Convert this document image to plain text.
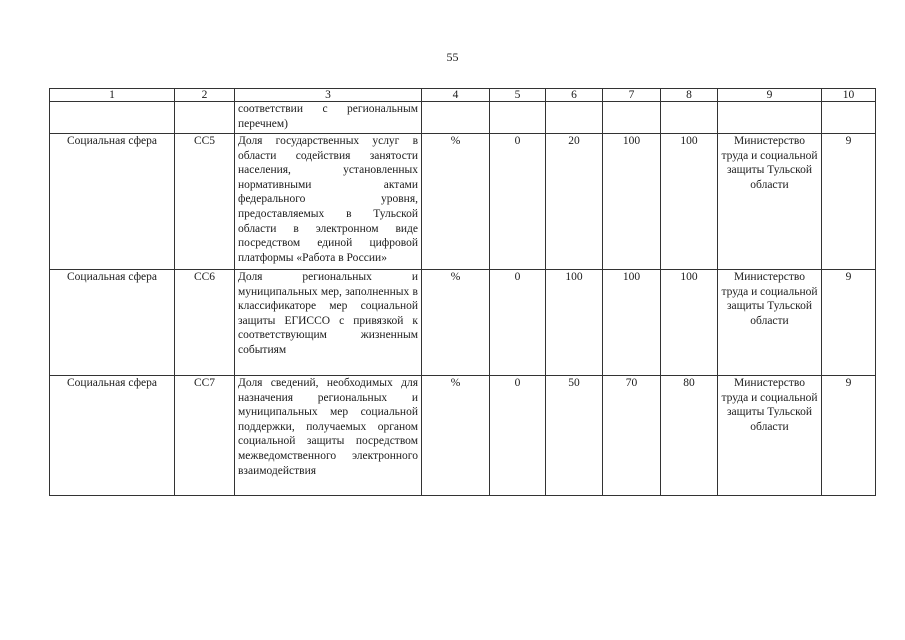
55
1	2	3	4	5	6	7	8	9	10
		соответствии с региональным перечнем)							
Социальная сфера	СС5	Доля государственных услуг в области содействия занятости населения, установленных нормативными актами федерального уровня, предоставляемых в Тульской области в электронном виде посредством единой цифровой платформы «Работа в России»	%	0	20	100	100	Министерство труда и социальной защиты Тульской области	9
Социальная сфера	СС6	Доля региональных и муниципальных мер, заполненных в классификаторе мер социальной защиты ЕГИССО с привязкой к соответствующим жизненным событиям	%	0	100	100	100	Министерство труда и социальной защиты Тульской области	9
Социальная сфера	СС7	Доля сведений, необходимых для назначения региональных и муниципальных мер социальной поддержки, получаемых органом социальной защиты посредством межведомственного электронного взаимодействия	%	0	50	70	80	Министерство труда и социальной защиты Тульской области	9
